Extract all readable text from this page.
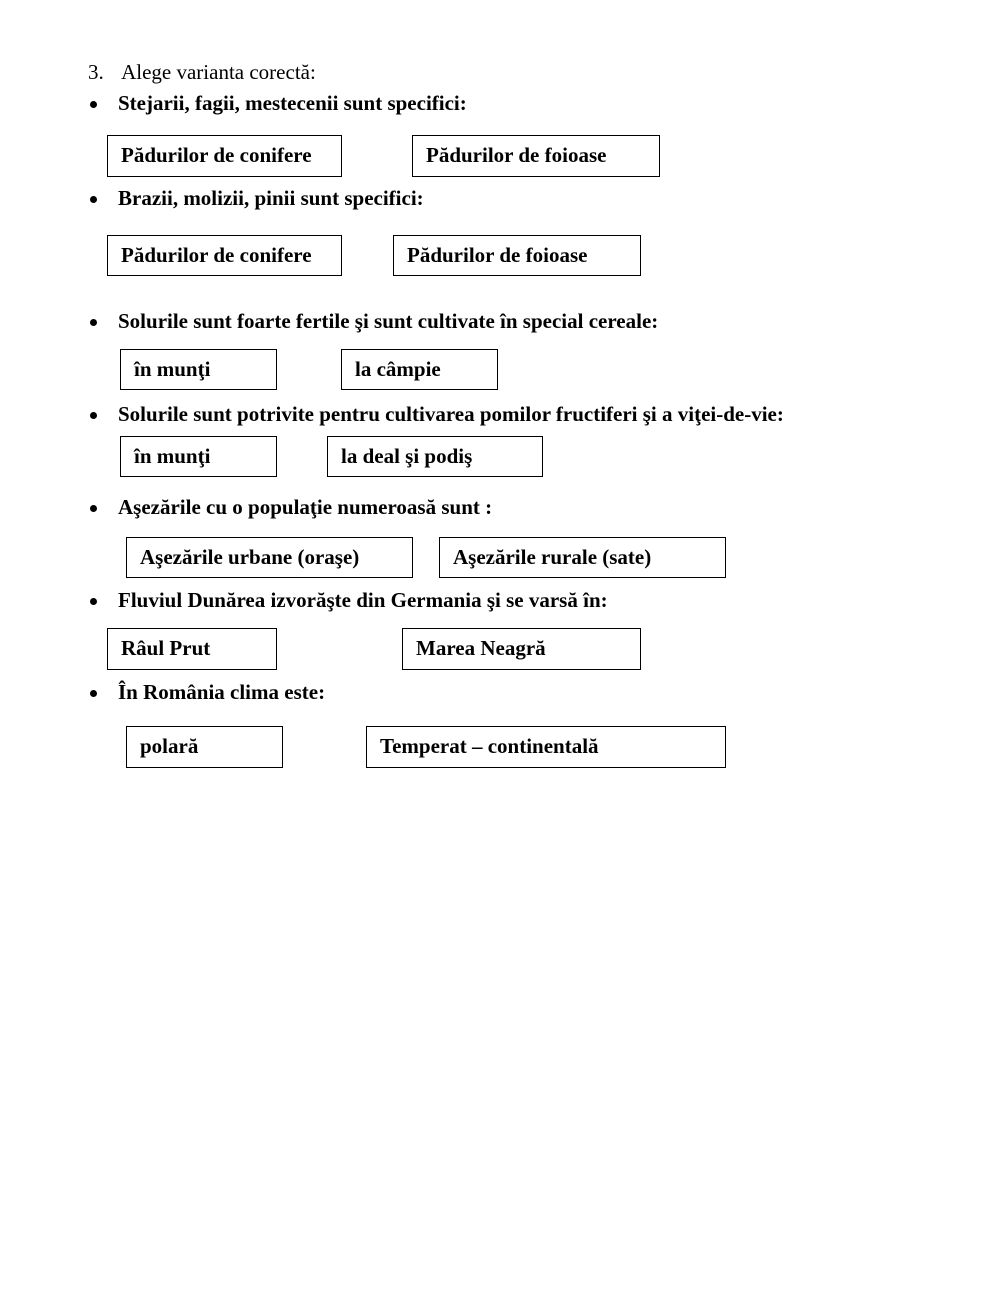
3. Alege varianta corectă:
Stejarii, fagii, mestecenii sunt specifici:
Pădurilor de conifere	Pădurilor de foioase
Brazii, molizii, pinii sunt specifici:
Pădurilor de conifere	Pădurilor de foioase
Solurile sunt foarte fertile şi sunt cultivate în special cereale:
în munţi	la câmpie
Solurile sunt potrivite pentru cultivarea pomilor fructiferi şi a viţei-de-vie:
în munţi	la deal şi podiş
Aşezările cu o populaţie numeroasă sunt :
Aşezările urbane (oraşe)	Aşezările rurale (sate)
Fluviul Dunărea izvorăşte din Germania şi se varsă în:
Râul Prut	Marea Neagră
În România clima este:
polară	Temperat – continentală
